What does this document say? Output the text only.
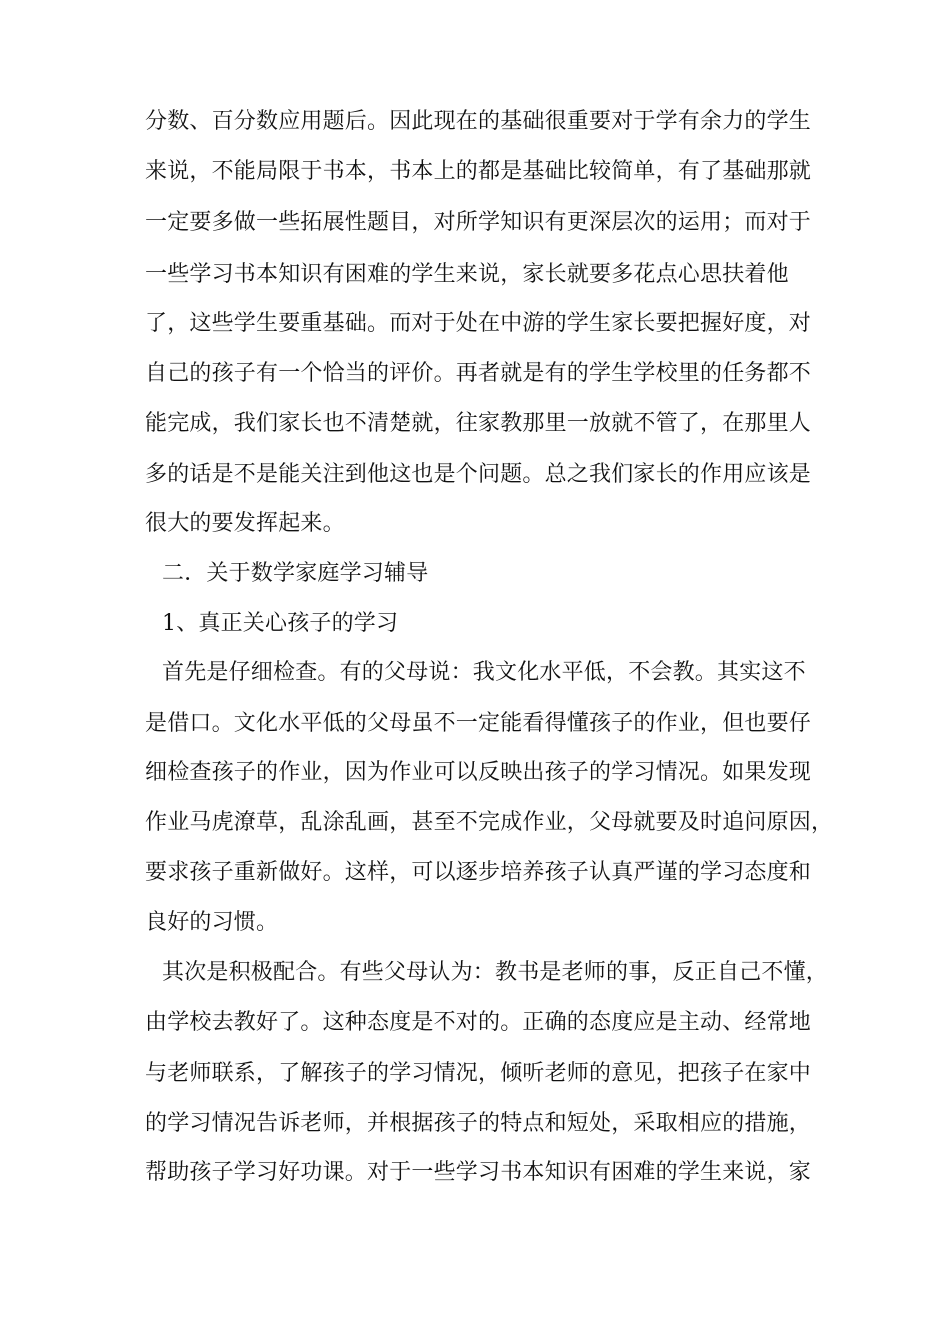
分数、百分数应用题后。因此现在的基础很重要对于学有余力的学生
来说，不能局限于书本，书本上的都是基础比较简单，有了基础那就
一定要多做一些拓展性题目，对所学知识有更深层次的运用；而对于
一些学习书本知识有困难的学生来说，家长就要多花点心思扶着他
了，这些学生要重基础。而对于处在中游的学生家长要把握好度，对
自己的孩子有一个恰当的评价。再者就是有的学生学校里的任务都不
能完成，我们家长也不清楚就，往家教那里一放就不管了，在那里人
多的话是不是能关注到他这也是个问题。总之我们家长的作用应该是
很大的要发挥起来。
二．关于数学家庭学习辅导
1、真正关心孩子的学习
首先是仔细检查。有的父母说：我文化水平低，不会教。其实这不
是借口。文化水平低的父母虽不一定能看得懂孩子的作业，但也要仔
细检查孩子的作业，因为作业可以反映出孩子的学习情况。如果发现
作业马虎潦草，乱涂乱画，甚至不完成作业，父母就要及时追问原因，
要求孩子重新做好。这样，可以逐步培养孩子认真严谨的学习态度和
良好的习惯。
其次是积极配合。有些父母认为：教书是老师的事，反正自己不懂，
由学校去教好了。这种态度是不对的。正确的态度应是主动、经常地
与老师联系，了解孩子的学习情况，倾听老师的意见，把孩子在家中
的学习情况告诉老师，并根据孩子的特点和短处，采取相应的措施，
帮助孩子学习好功课。对于一些学习书本知识有困难的学生来说，家
